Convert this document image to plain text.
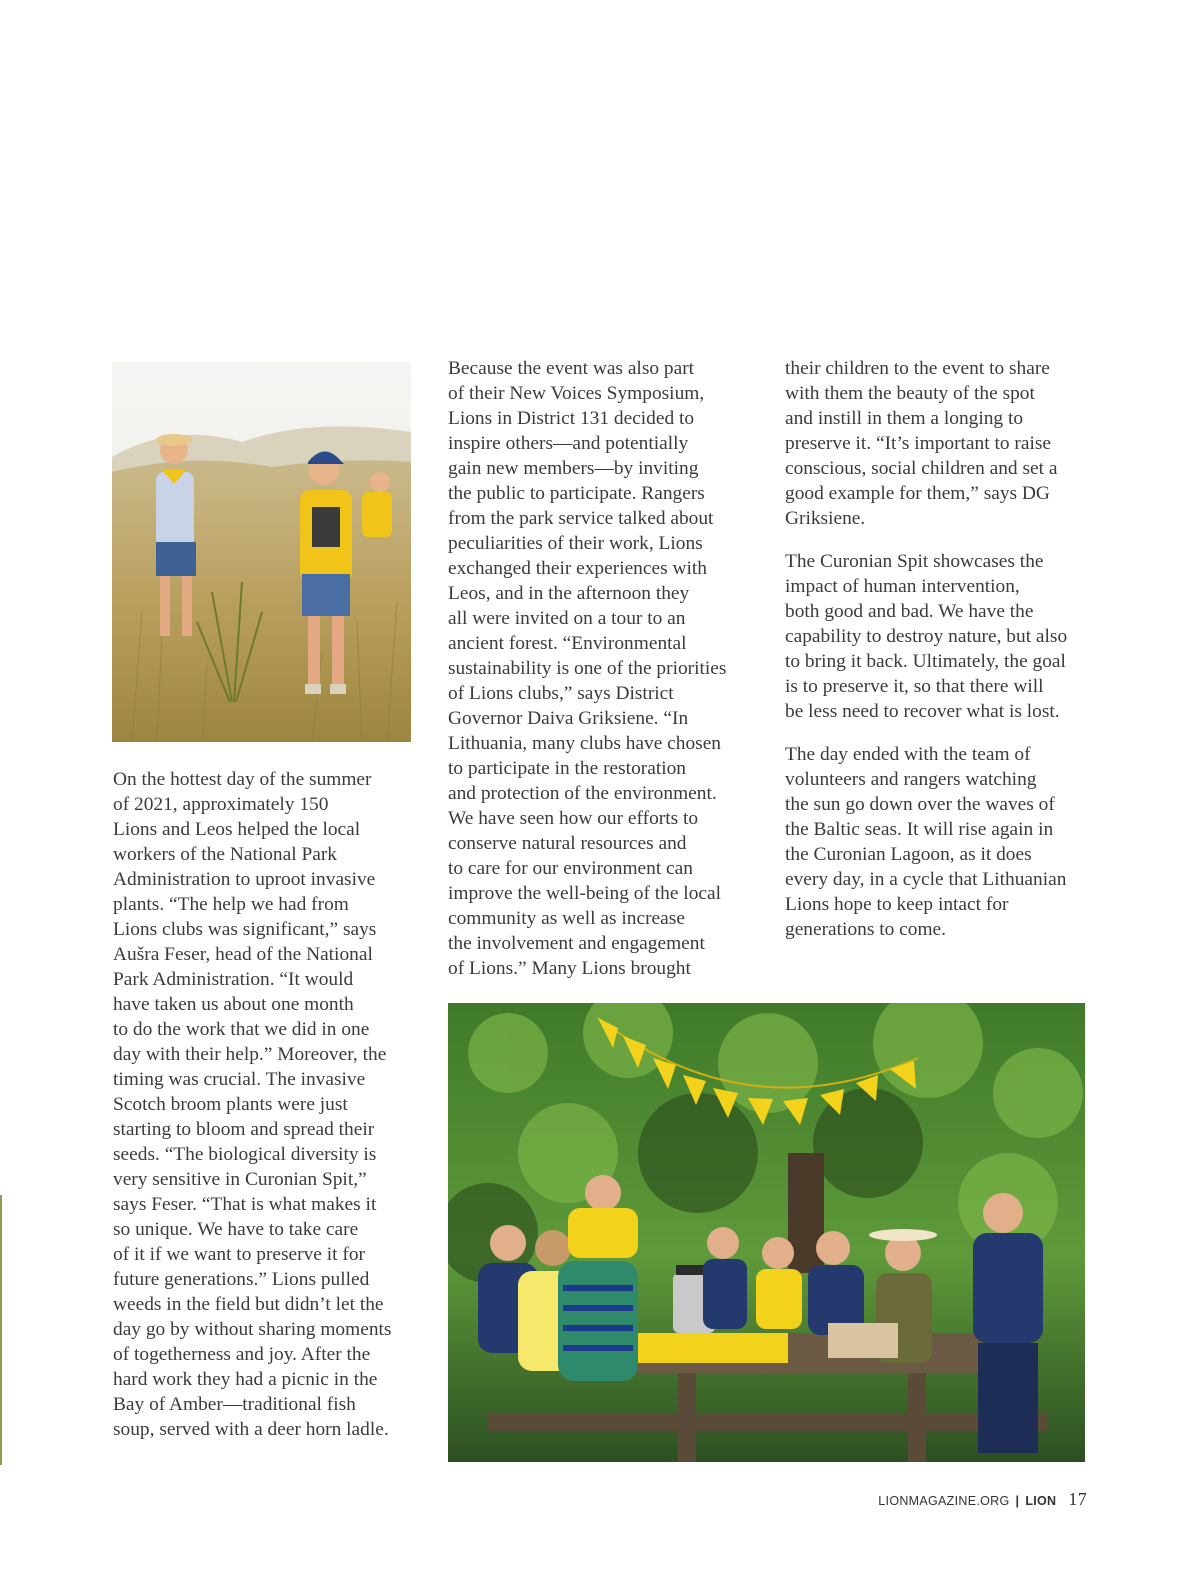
On the hottest day of the summer
of 2021, approximately 150
Lions and Leos helped the local
workers of the National Park
Administration to uproot invasive
plants. “The help we had from
Lions clubs was significant,” says
Aušra Feser, head of the National
Park Administration. “It would
have taken us about one month
to do the work that we did in one
day with their help.” Moreover, the
timing was crucial. The invasive
Scotch broom plants were just
starting to bloom and spread their
seeds. “The biological diversity is
very sensitive in Curonian Spit,”
says Feser. “That is what makes it
so unique. We have to take care
of it if we want to preserve it for
future generations.” Lions pulled
weeds in the field but didn’t let the
day go by without sharing moments
of togetherness and joy. After the
hard work they had a picnic in the
Bay of Amber—traditional fish
soup, served with a deer horn ladle.

Because the event was also part
of their New Voices Symposium,
Lions in District 131 decided to
inspire others—and potentially
gain new members—by inviting
the public to participate. Rangers
from the park service talked about
peculiarities of their work, Lions
exchanged their experiences with
Leos, and in the afternoon they
all were invited on a tour to an
ancient forest. “Environmental
sustainability is one of the priorities
of Lions clubs,” says District
Governor Daiva Griksiene. “In
Lithuania, many clubs have chosen
to participate in the restoration
and protection of the environment.
We have seen how our efforts to
conserve natural resources and
to care for our environment can
improve the well-being of the local
community as well as increase
the involvement and engagement
of Lions.” Many Lions brought

their children to the event to share
with them the beauty of the spot
and instill in them a longing to
preserve it. “It’s important to raise
conscious, social children and set a
good example for them,” says DG
Griksiene.

The Curonian Spit showcases the
impact of human intervention,
both good and bad. We have the
capability to destroy nature, but also
to bring it back. Ultimately, the goal
is to preserve it, so that there will
be less need to recover what is lost.

The day ended with the team of
volunteers and rangers watching
the sun go down over the waves of
the Baltic seas. It will rise again in
the Curonian Lagoon, as it does
every day, in a cycle that Lithuanian
Lions hope to keep intact for
generations to come.

LIONMAGAZINE.ORG | LION 17
